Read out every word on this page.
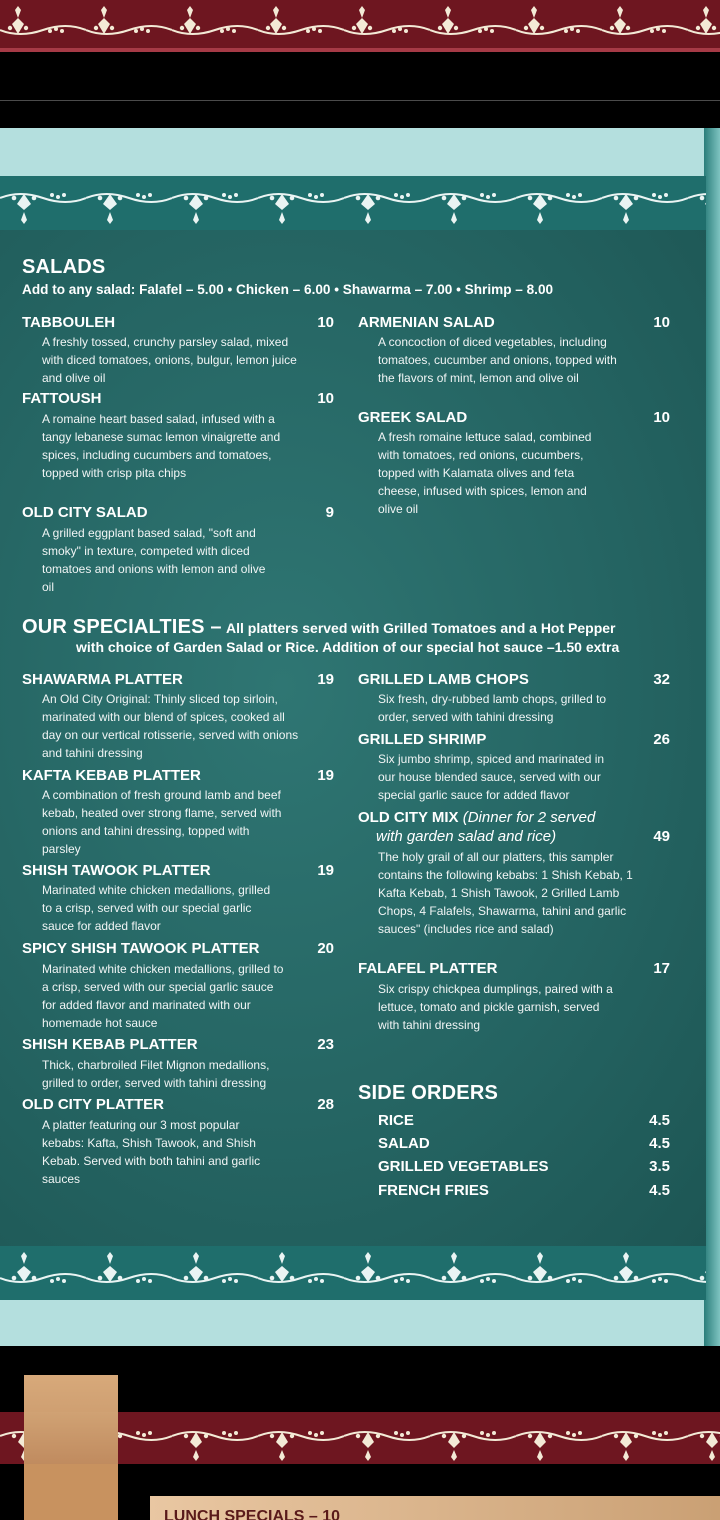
SALADS
Add to any salad: Falafel – 5.00 • Chicken – 6.00 • Shawarma – 7.00 • Shrimp – 8.00
TABBOULEH	10
A freshly tossed, crunchy parsley salad, mixed with diced tomatoes, onions, bulgur, lemon juice and olive oil
FATTOUSH	10
A romaine heart based salad, infused with a tangy lebanese sumac lemon vinaigrette and spices, including cucumbers and tomatoes, topped with crisp pita chips
OLD CITY SALAD	9
A grilled eggplant based salad, "soft and smoky" in texture, competed with diced tomatoes and onions with lemon and olive oil
ARMENIAN SALAD	10
A concoction of diced vegetables, including tomatoes, cucumber and onions, topped with the flavors of mint, lemon and olive oil
GREEK SALAD	10
A fresh romaine lettuce salad, combined with tomatoes, red onions, cucumbers, topped with Kalamata olives and feta cheese, infused with spices, lemon and olive oil
OUR SPECIALTIES – All platters served with Grilled Tomatoes and a Hot Pepper
with choice of Garden Salad or Rice. Addition of our special hot sauce –1.50 extra
SHAWARMA PLATTER	19
An Old City Original: Thinly sliced top sirloin, marinated with our blend of spices, cooked all day on our vertical rotisserie, served with onions and tahini dressing
KAFTA KEBAB PLATTER	19
A combination of fresh ground lamb and beef kebab, heated over strong flame, served with onions and tahini dressing, topped with parsley
SHISH TAWOOK PLATTER	19
Marinated white chicken medallions, grilled to a crisp, served with our special garlic sauce for added flavor
SPICY SHISH TAWOOK PLATTER	20
Marinated white chicken medallions, grilled to a crisp, served with our special garlic sauce for added flavor and marinated with our homemade hot sauce
SHISH KEBAB PLATTER	23
Thick, charbroiled Filet Mignon medallions, grilled to order, served with tahini dressing
OLD CITY PLATTER	28
A platter featuring our 3 most popular kebabs: Kafta, Shish Tawook, and Shish Kebab. Served with both tahini and garlic sauces
GRILLED LAMB CHOPS	32
Six fresh, dry-rubbed lamb chops, grilled to order, served with tahini dressing
GRILLED SHRIMP	26
Six jumbo shrimp, spiced and marinated in our house blended sauce, served with our special garlic sauce for added flavor
OLD CITY MIX (Dinner for 2 served
with garden salad and rice)	49
The holy grail of all our platters, this sampler contains the following kebabs: 1 Shish Kebab, 1 Kafta Kebab, 1 Shish Tawook, 2 Grilled Lamb Chops, 4 Falafels, Shawarma, tahini and garlic sauces" (includes rice and salad)
FALAFEL PLATTER	17
Six crispy chickpea dumplings, paired with a lettuce, tomato and pickle garnish, served with tahini dressing
SIDE ORDERS
RICE	4.5
SALAD	4.5
GRILLED VEGETABLES	3.5
FRENCH FRIES	4.5
LUNCH SPECIALS – 10
